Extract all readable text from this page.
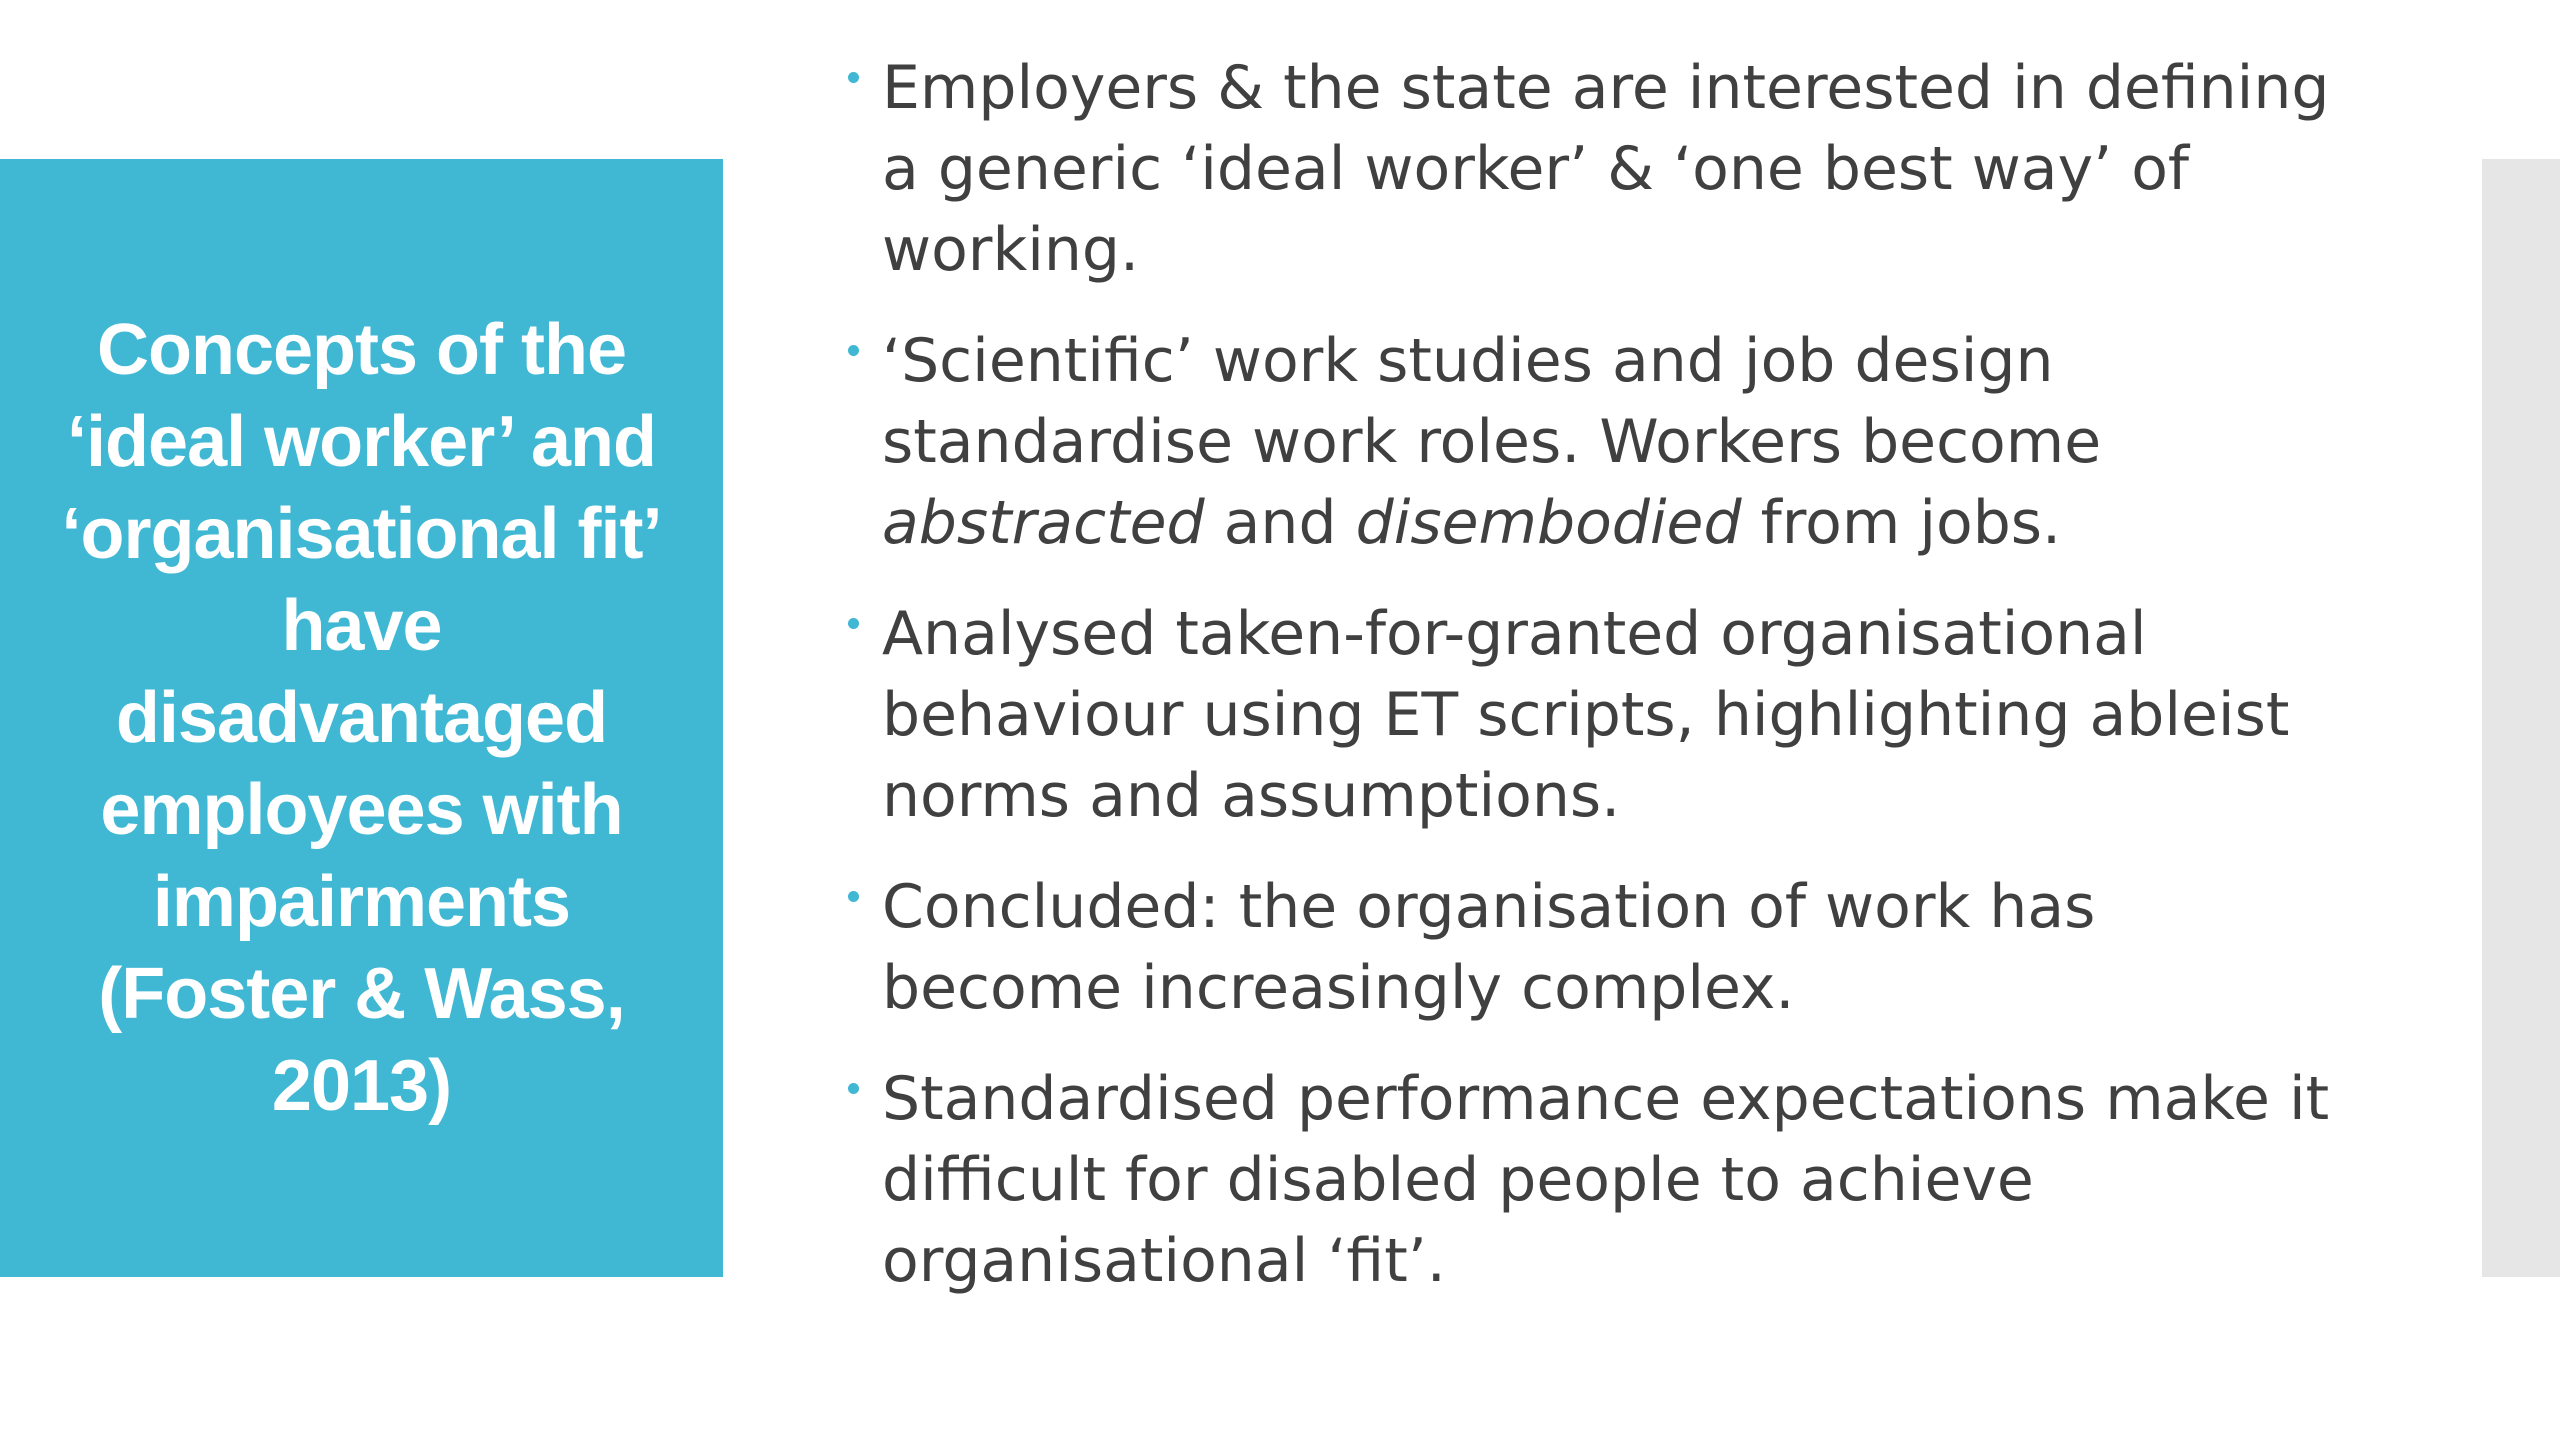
Concepts of the ‘ideal worker’ and ‘organisational fit’ have disadvantaged employees with impairments (Foster & Wass, 2013)
Employers & the state are interested in defining a generic ‘ideal worker’ & ‘one best way’ of working.
‘Scientific’ work studies and job design standardise work roles. Workers become abstracted and disembodied from jobs.
Analysed taken-for-granted organisational behaviour using ET scripts, highlighting ableist norms and assumptions.
Concluded: the organisation of work has become increasingly complex.
Standardised performance expectations make it difficult for disabled people to achieve organisational ‘fit’.
